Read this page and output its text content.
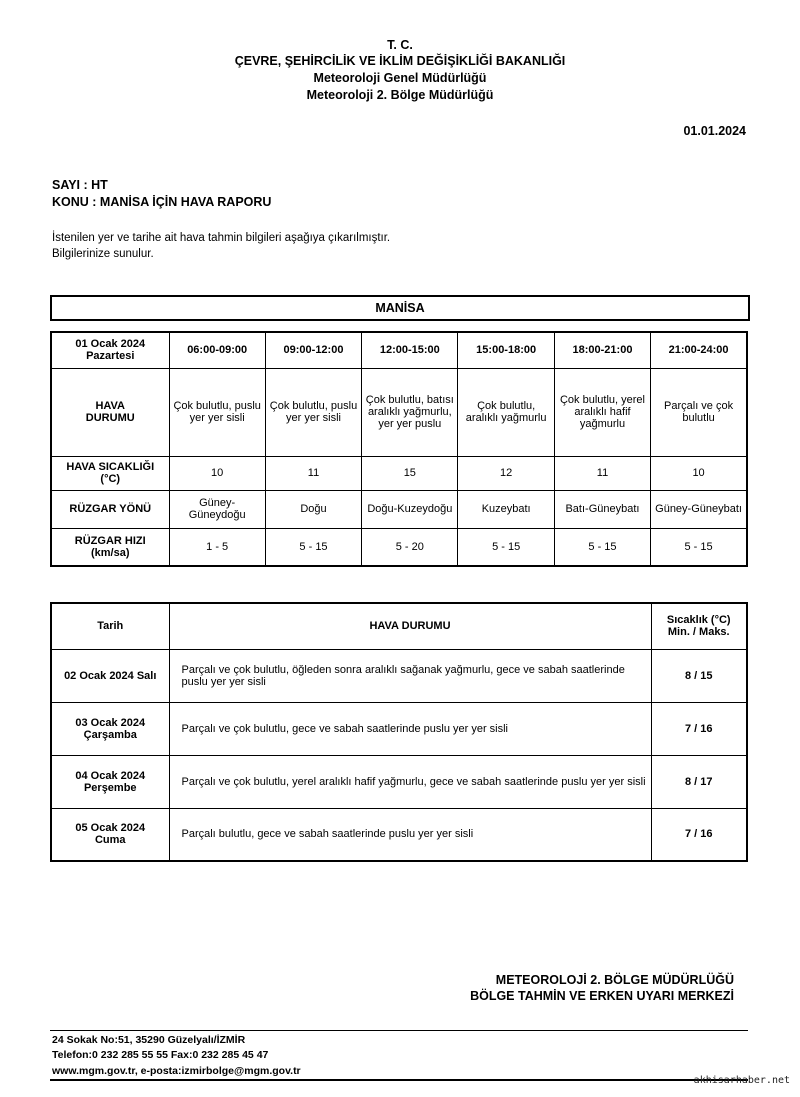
T. C.
ÇEVRE, ŞEHİRCİLİK VE İKLİM DEĞİŞİKLİĞİ BAKANLIĞI
Meteoroloji Genel Müdürlüğü
Meteoroloji 2. Bölge Müdürlüğü
01.01.2024
SAYI : HT
KONU : MANİSA İÇİN HAVA RAPORU
İstenilen yer ve tarihe ait hava tahmin bilgileri aşağıya çıkarılmıştır.
Bilgilerinize sunulur.
MANİSA
01 Ocak 2024
Pazartesi	06:00-09:00	09:00-12:00	12:00-15:00	15:00-18:00	18:00-21:00	21:00-24:00

HAVA
DURUMU	Çok bulutlu, puslu yer yer sisli	Çok bulutlu, puslu yer yer sisli	Çok bulutlu, batısı aralıklı yağmurlu, yer yer puslu	Çok bulutlu, aralıklı yağmurlu	Çok bulutlu, yerel aralıklı hafif yağmurlu	Parçalı ve çok bulutlu

HAVA SICAKLIĞI
(°C)	10	11	15	12	11	10
RÜZGAR YÖNÜ	Güney-Güneydoğu	Doğu	Doğu-Kuzeydoğu	Kuzeybatı	Batı-Güneybatı	Güney-Güneybatı

RÜZGAR HIZI
(km/sa)	1 - 5	5 - 15	5 - 20	5 - 15	5 - 15	5 - 15
Tarih	HAVA DURUMU	Sıcaklık (°C)
Min. / Maks.

02 Ocak 2024 Salı	Parçalı ve çok bulutlu, öğleden sonra aralıklı sağanak yağmurlu, gece ve sabah saatlerinde puslu yer yer sisli	8 / 15

03 Ocak 2024
Çarşamba	Parçalı ve çok bulutlu, gece ve sabah saatlerinde puslu yer yer sisli	7 / 16

04 Ocak 2024
Perşembe	Parçalı ve çok bulutlu, yerel aralıklı hafif yağmurlu, gece ve sabah saatlerinde puslu yer yer sisli	8 / 17

05 Ocak 2024
Cuma	Parçalı bulutlu, gece ve sabah saatlerinde puslu yer yer sisli	7 / 16
METEOROLOJİ 2. BÖLGE MÜDÜRLÜĞÜ
BÖLGE TAHMİN VE ERKEN UYARI MERKEZİ
24 Sokak No:51, 35290 Güzelyalı/İZMİR
Telefon:0 232 285 55 55 Fax:0 232 285 45 47
www.mgm.gov.tr, e-posta:izmirbolge@mgm.gov.tr
akhisarhaber.net
